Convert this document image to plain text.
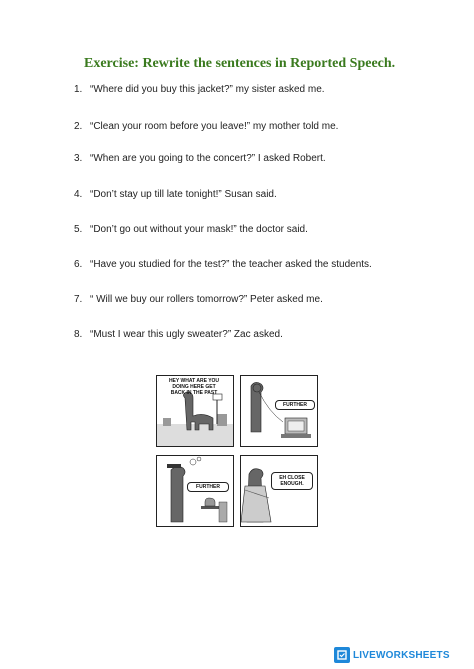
Exercise: Rewrite the sentences in Reported Speech.
1. “Where did you buy this jacket?” my sister asked me.
2. “Clean your room before you leave!” my mother told me.
3. “When are you going to the concert?” I asked Robert.
4. “Don’t stay up till late tonight!” Susan said.
5. “Don’t go out without your mask!” the doctor said.
6. “Have you studied for the test?” the teacher asked the students.
7. “ Will we buy our rollers tomorrow?” Peter asked me.
8. “Must I wear this ugly sweater?” Zac asked.
HEY WHAT ARE YOU DOING HERE GET BACK IN THE PAST
FURTHER
FURTHER
EH CLOSE ENOUGH.
LIVEWORKSHEETS
